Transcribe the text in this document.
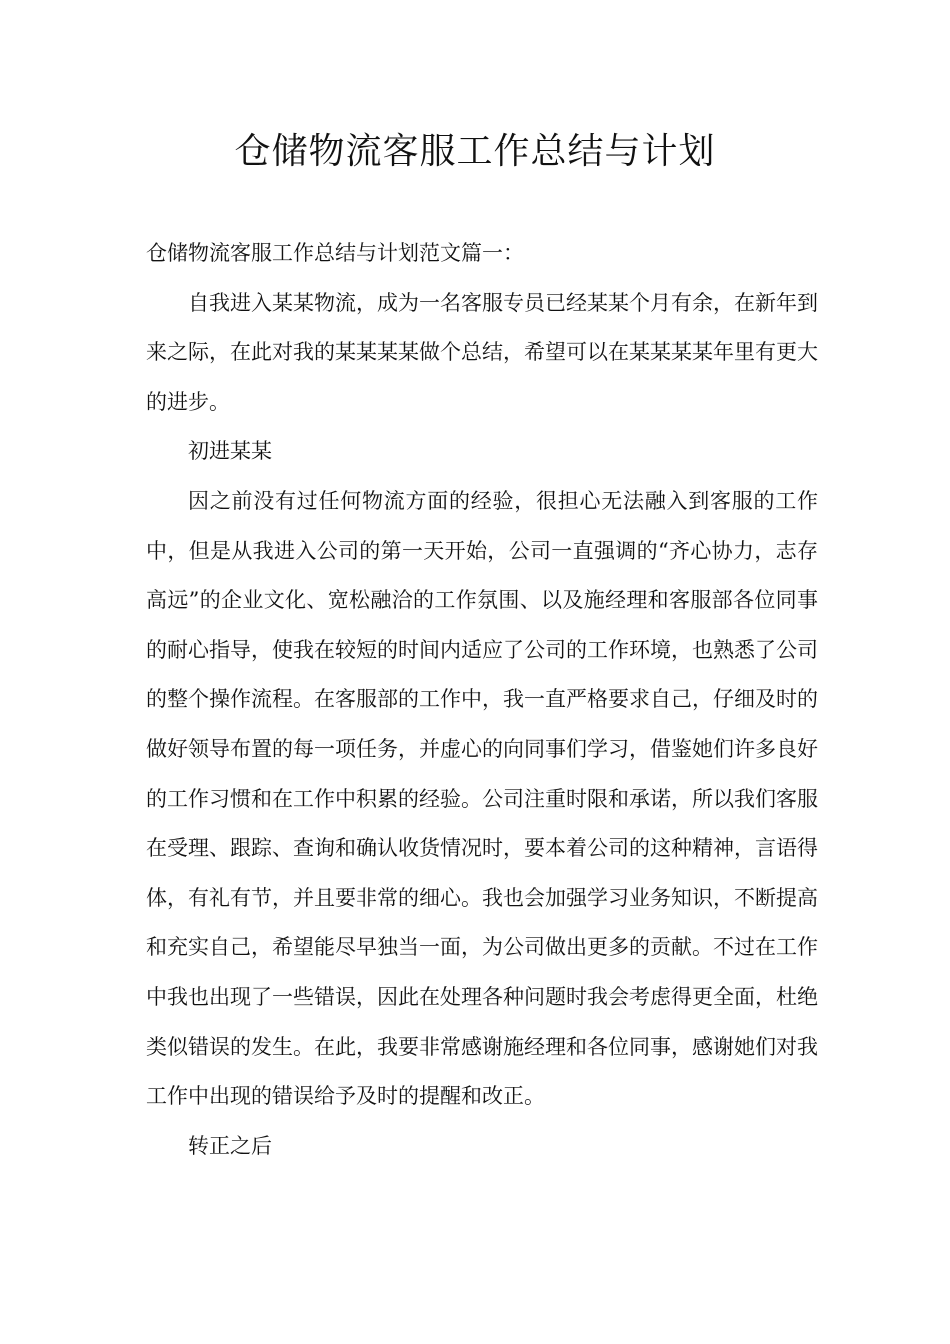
仓储物流客服工作总结与计划

仓储物流客服工作总结与计划范文篇一：

自我进入某某物流，成为一名客服专员已经某某个月有余，在新年到来之际，在此对我的某某某某做个总结，希望可以在某某某某年里有更大的进步。

初进某某

因之前没有过任何物流方面的经验，很担心无法融入到客服的工作中，但是从我进入公司的第一天开始，公司一直强调的“齐心协力，志存高远”的企业文化、宽松融洽的工作氛围、以及施经理和客服部各位同事的耐心指导，使我在较短的时间内适应了公司的工作环境，也熟悉了公司的整个操作流程。在客服部的工作中，我一直严格要求自己，仔细及时的做好领导布置的每一项任务，并虚心的向同事们学习，借鉴她们许多良好的工作习惯和在工作中积累的经验。公司注重时限和承诺，所以我们客服在受理、跟踪、查询和确认收货情况时，要本着公司的这种精神，言语得体，有礼有节，并且要非常的细心。我也会加强学习业务知识，不断提高和充实自己，希望能尽早独当一面，为公司做出更多的贡献。不过在工作中我也出现了一些错误，因此在处理各种问题时我会考虑得更全面，杜绝类似错误的发生。在此，我要非常感谢施经理和各位同事，感谢她们对我工作中出现的错误给予及时的提醒和改正。

转正之后
